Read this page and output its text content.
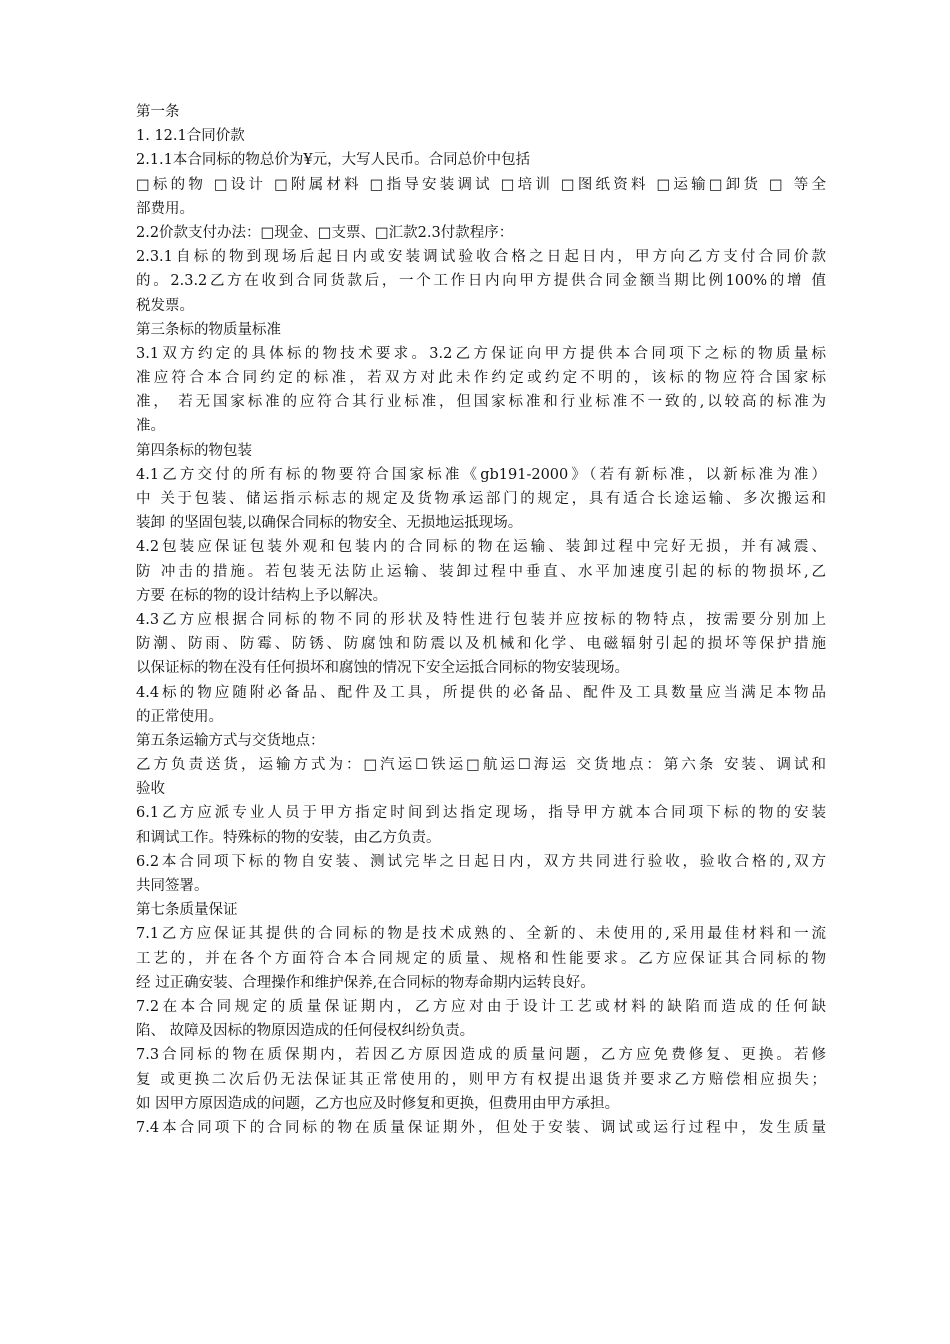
第一条
1. 12.1合同价款
2.1.1本合同标的物总价为¥元，大写人民币。合同总价中包括
□标的物 □设计 □附属材料 □指导安装调试 □培训 □图纸资料 □运输□卸货 □ 等全
部费用。
2.2价款支付办法：□现金、□支票、□汇款2.3付款程序：
2.3.1自标的物到现场后起日内或安装调试验收合格之日起日内，甲方向乙方支付合同价款
的。2.3.2乙方在收到合同货款后，一个工作日内向甲方提供合同金额当期比例100%的增 值
税发票。
第三条标的物质量标准
3.1双方约定的具体标的物技术要求。3.2乙方保证向甲方提供本合同项下之标的物质量标
准应符合本合同约定的标准，若双方对此未作约定或约定不明的，该标的物应符合国家标
准， 若无国家标准的应符合其行业标准，但国家标准和行业标准不一致的,以较高的标准为
准。
第四条标的物包装
4.1乙方交付的所有标的物要符合国家标准《gb191-2000》（若有新标准，以新标准为准）
中 关于包装、储运指示标志的规定及货物承运部门的规定，具有适合长途运输、多次搬运和
装卸 的坚固包装,以确保合同标的物安全、无损地运抵现场。
4.2包装应保证包装外观和包装内的合同标的物在运输、装卸过程中完好无损，并有减震、
防 冲击的措施。若包装无法防止运输、装卸过程中垂直、水平加速度引起的标的物损坏,乙
方要 在标的物的设计结构上予以解决。
4.3乙方应根据合同标的物不同的形状及特性进行包装并应按标的物特点，按需要分别加上
防潮、防雨、防霉、防锈、防腐蚀和防震以及机械和化学、电磁辐射引起的损坏等保护措施
以保证标的物在没有任何损坏和腐蚀的情况下安全运抵合同标的物安装现场。
4.4标的物应随附必备品、配件及工具，所提供的必备品、配件及工具数量应当满足本物品
的正常使用。
第五条运输方式与交货地点：
乙方负责送货，运输方式为：□汽运☐铁运□航运☐海运 交货地点：第六条 安装、调试和
验收
6.1乙方应派专业人员于甲方指定时间到达指定现场，指导甲方就本合同项下标的物的安装
和调试工作。特殊标的物的安装，由乙方负责。
6.2本合同项下标的物自安装、测试完毕之日起日内，双方共同进行验收，验收合格的,双方
共同签署。
第七条质量保证
7.1乙方应保证其提供的合同标的物是技术成熟的、全新的、未使用的,采用最佳材料和一流
工艺的，并在各个方面符合本合同规定的质量、规格和性能要求。乙方应保证其合同标的物
经 过正确安装、合理操作和维护保养,在合同标的物寿命期内运转良好。
7.2在本合同规定的质量保证期内，乙方应对由于设计工艺或材料的缺陷而造成的任何缺
陷、 故障及因标的物原因造成的任何侵权纠纷负责。
7.3合同标的物在质保期内，若因乙方原因造成的质量问题，乙方应免费修复、更换。若修
复 或更换二次后仍无法保证其正常使用的，则甲方有权提出退货并要求乙方赔偿相应损失；
如 因甲方原因造成的问题，乙方也应及时修复和更换，但费用由甲方承担。
7.4本合同项下的合同标的物在质量保证期外，但处于安装、调试或运行过程中，发生质量
